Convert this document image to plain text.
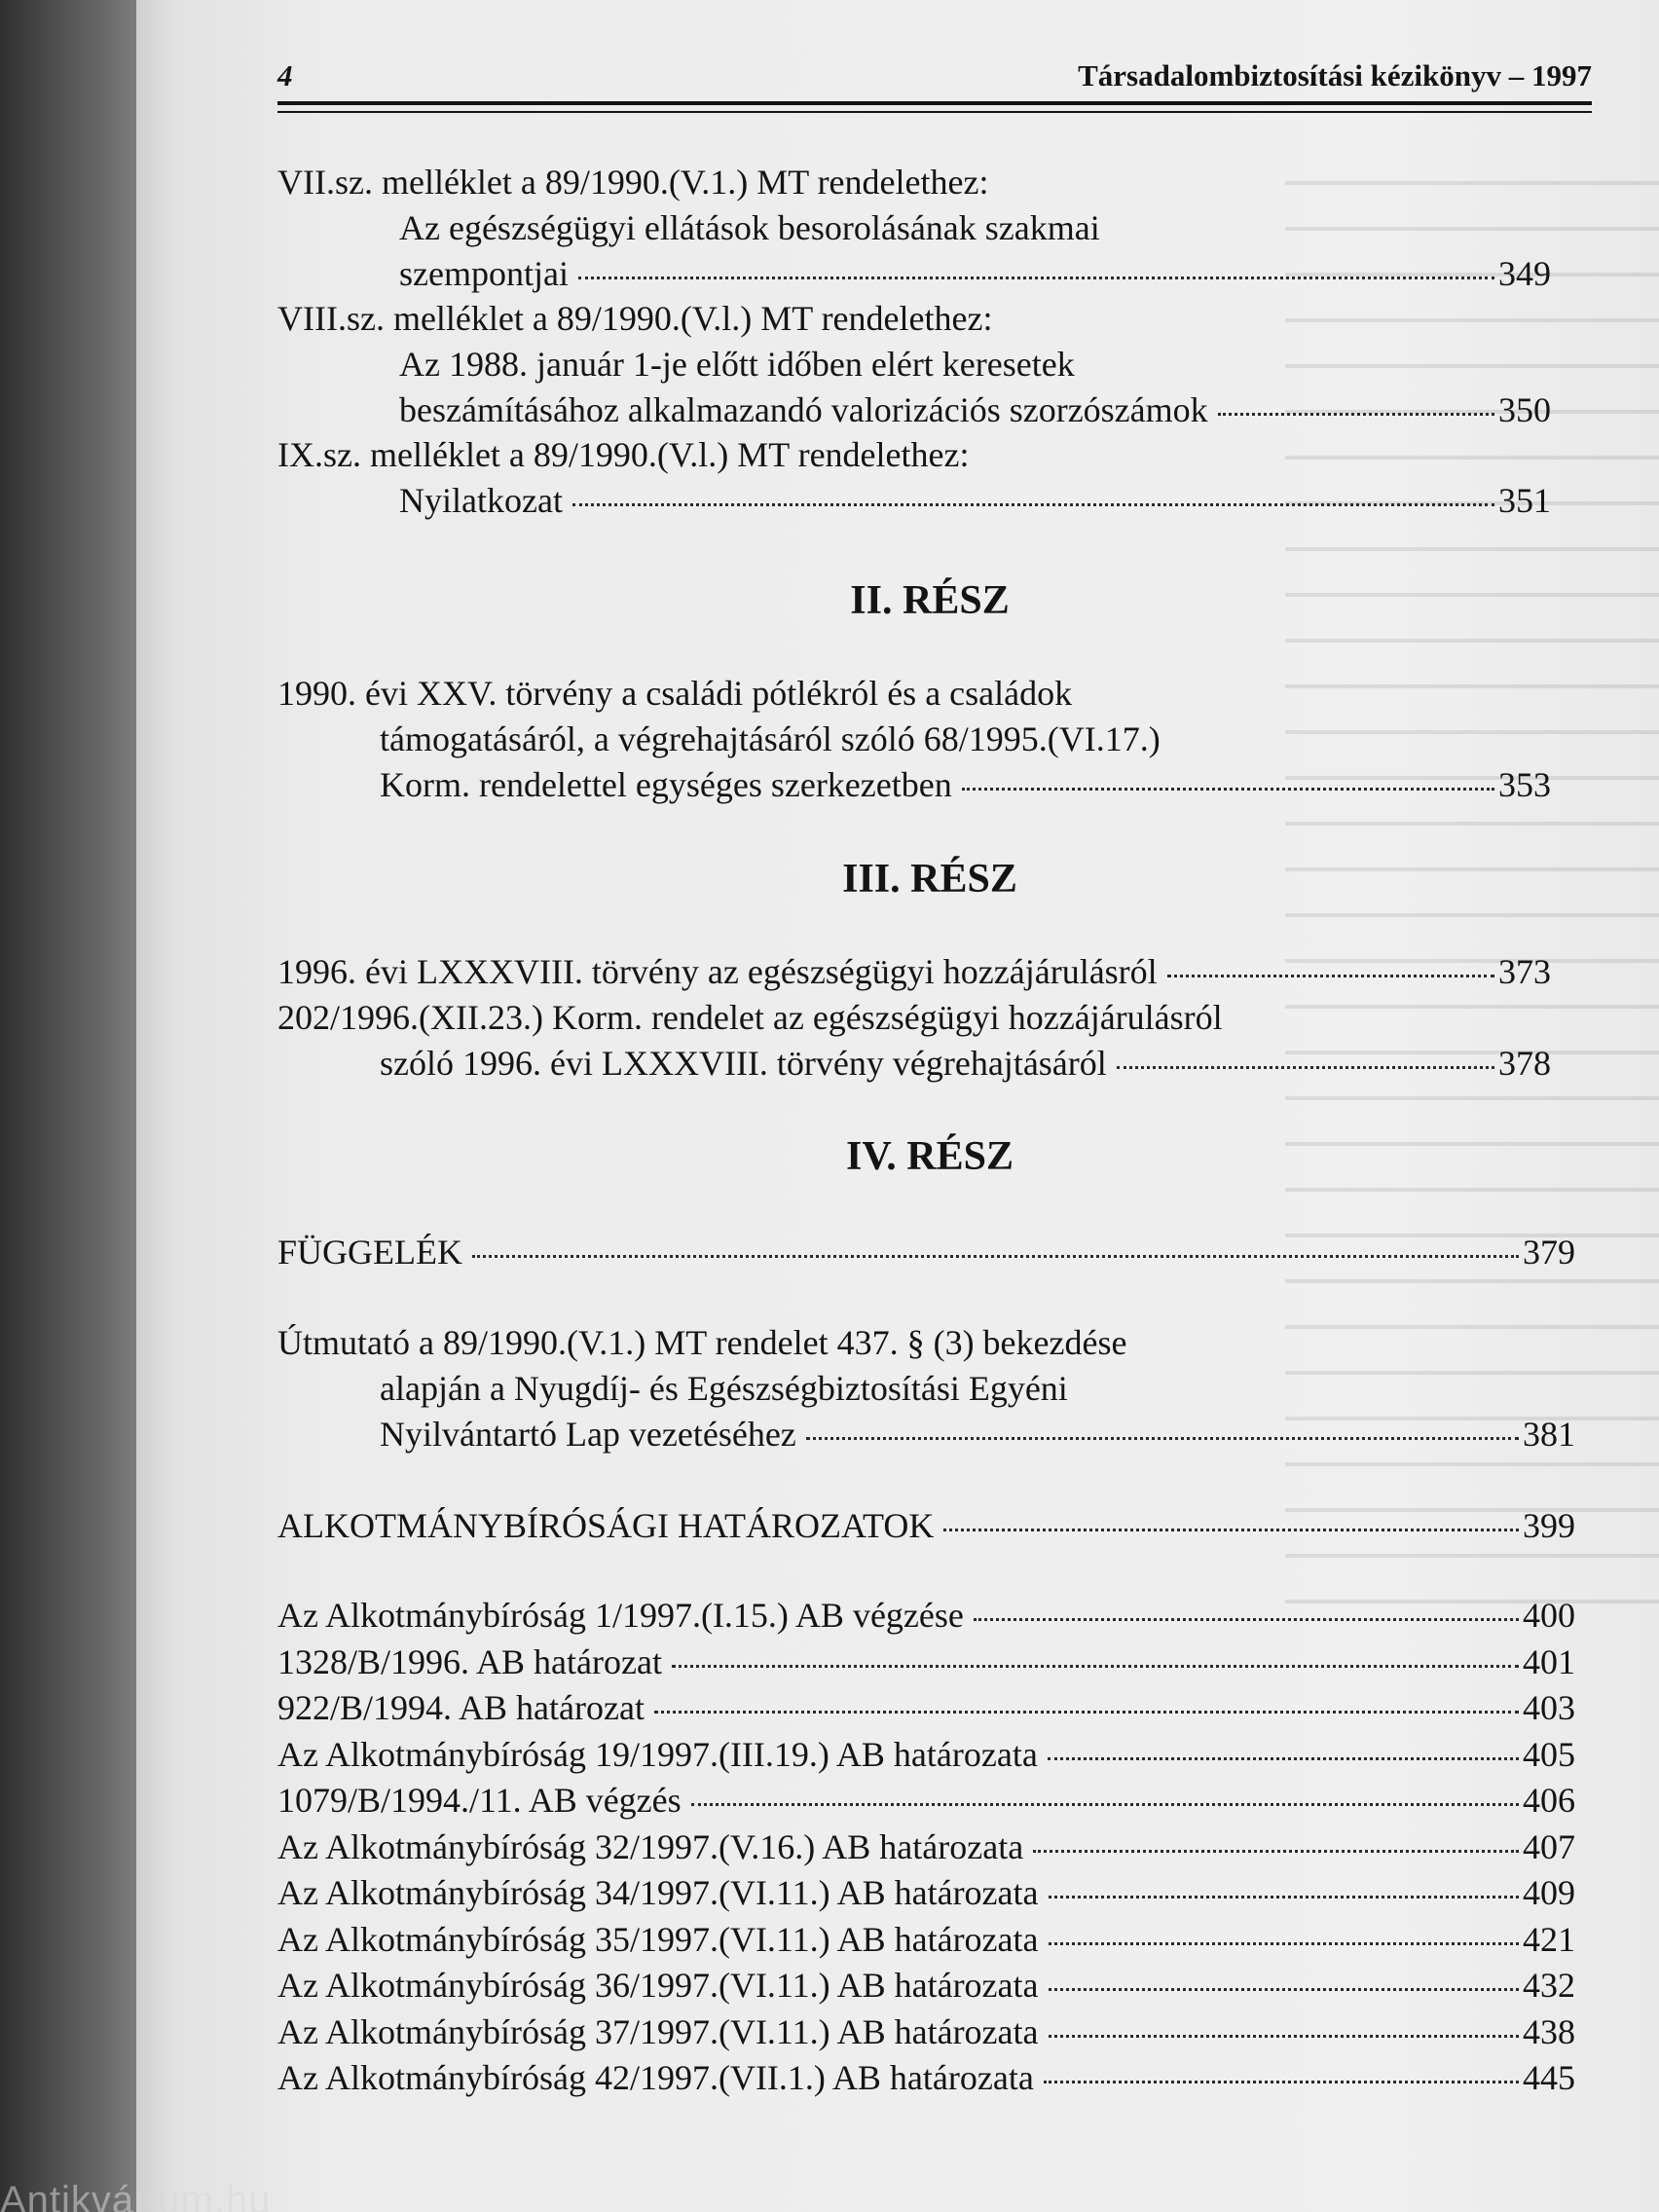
4	Társadalombiztosítási kézikönyv – 1997
VII.sz. melléklet a 89/1990.(V.1.) MT rendelethez:
Az egészségügyi ellátások besorolásának szakmai
szempontjai	349
VIII.sz. melléklet a 89/1990.(V.l.) MT rendelethez:
Az 1988. január 1-je előtt időben elért keresetek
beszámításához alkalmazandó valorizációs szorzószámok	350
IX.sz. melléklet a 89/1990.(V.l.) MT rendelethez:
Nyilatkozat	351
II. RÉSZ
1990. évi XXV. törvény a családi pótlékról és a családok
támogatásáról, a végrehajtásáról szóló 68/1995.(VI.17.)
Korm. rendelettel egységes szerkezetben	353
III. RÉSZ
1996. évi LXXXVIII. törvény az egészségügyi hozzájárulásról	373
202/1996.(XII.23.) Korm. rendelet az egészségügyi hozzájárulásról
szóló 1996. évi LXXXVIII. törvény végrehajtásáról	378
IV. RÉSZ
FÜGGELÉK	379
Útmutató a 89/1990.(V.1.) MT rendelet 437. § (3) bekezdése
alapján a Nyugdíj- és Egészségbiztosítási Egyéni
Nyilvántartó Lap vezetéséhez	381
ALKOTMÁNYBÍRÓSÁGI HATÁROZATOK	399
Az Alkotmánybíróság 1/1997.(I.15.) AB végzése	400
1328/B/1996. AB határozat	401
922/B/1994. AB határozat	403
Az Alkotmánybíróság 19/1997.(III.19.) AB határozata	405
1079/B/1994./11. AB végzés	406
Az Alkotmánybíróság 32/1997.(V.16.) AB határozata	407
Az Alkotmánybíróság 34/1997.(VI.11.) AB határozata	409
Az Alkotmánybíróság 35/1997.(VI.11.) AB határozata	421
Az Alkotmánybíróság 36/1997.(VI.11.) AB határozata	432
Az Alkotmánybíróság 37/1997.(VI.11.) AB határozata	438
Az Alkotmánybíróság 42/1997.(VII.1.) AB határozata	445
Antikvárium.hu
